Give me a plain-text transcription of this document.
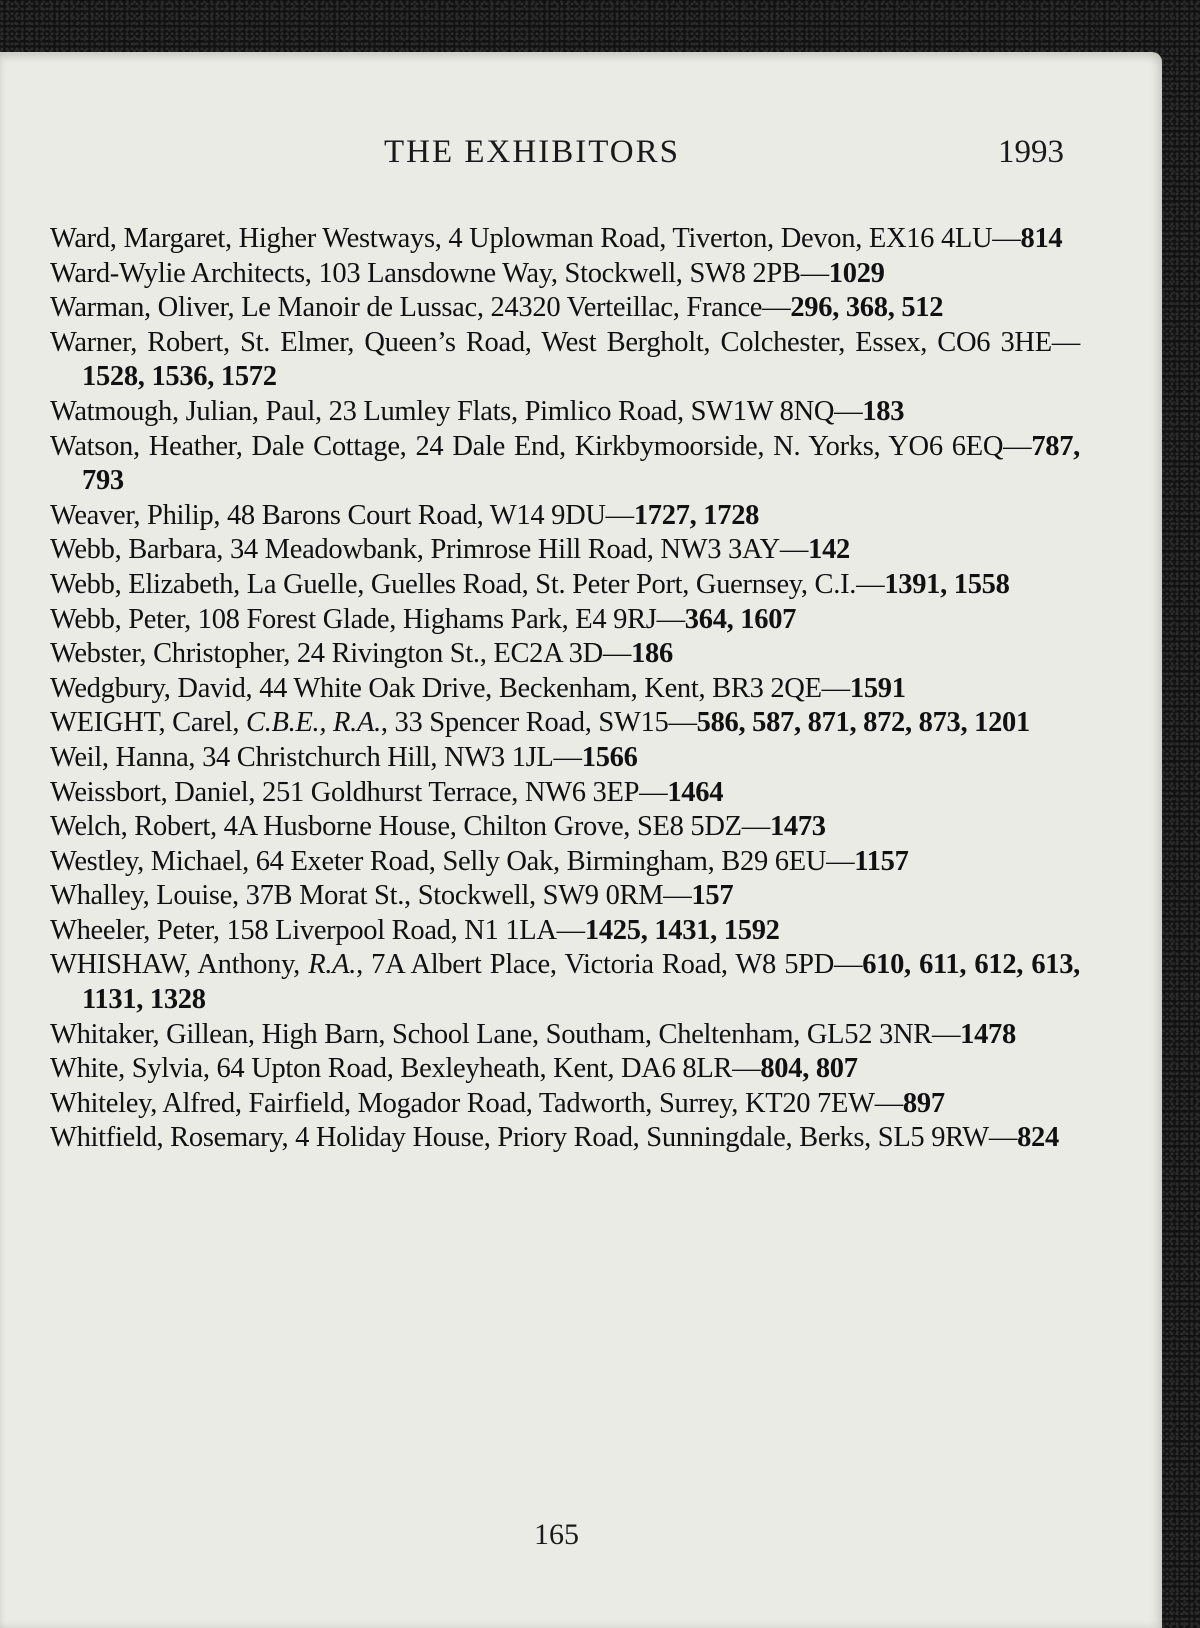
THE EXHIBITORS	1993
Ward, Margaret, Higher Westways, 4 Uplowman Road, Tiverton, Devon, EX16 4LU—814
Ward-Wylie Architects, 103 Lansdowne Way, Stockwell, SW8 2PB—1029
Warman, Oliver, Le Manoir de Lussac, 24320 Verteillac, France—296, 368, 512
Warner, Robert, St. Elmer, Queen’s Road, West Bergholt, Colchester, Essex, CO6 3HE—1528, 1536, 1572
Watmough, Julian, Paul, 23 Lumley Flats, Pimlico Road, SW1W 8NQ—183
Watson, Heather, Dale Cottage, 24 Dale End, Kirkbymoorside, N. Yorks, YO6 6EQ—787, 793
Weaver, Philip, 48 Barons Court Road, W14 9DU—1727, 1728
Webb, Barbara, 34 Meadowbank, Primrose Hill Road, NW3 3AY—142
Webb, Elizabeth, La Guelle, Guelles Road, St. Peter Port, Guernsey, C.I.—1391, 1558
Webb, Peter, 108 Forest Glade, Highams Park, E4 9RJ—364, 1607
Webster, Christopher, 24 Rivington St., EC2A 3D—186
Wedgbury, David, 44 White Oak Drive, Beckenham, Kent, BR3 2QE—1591
WEIGHT, Carel, C.B.E., R.A., 33 Spencer Road, SW15—586, 587, 871, 872, 873, 1201
Weil, Hanna, 34 Christchurch Hill, NW3 1JL—1566
Weissbort, Daniel, 251 Goldhurst Terrace, NW6 3EP—1464
Welch, Robert, 4A Husborne House, Chilton Grove, SE8 5DZ—1473
Westley, Michael, 64 Exeter Road, Selly Oak, Birmingham, B29 6EU—1157
Whalley, Louise, 37B Morat St., Stockwell, SW9 0RM—157
Wheeler, Peter, 158 Liverpool Road, N1 1LA—1425, 1431, 1592
WHISHAW, Anthony, R.A., 7A Albert Place, Victoria Road, W8 5PD—610, 611, 612, 613, 1131, 1328
Whitaker, Gillean, High Barn, School Lane, Southam, Cheltenham, GL52 3NR—1478
White, Sylvia, 64 Upton Road, Bexleyheath, Kent, DA6 8LR—804, 807
Whiteley, Alfred, Fairfield, Mogador Road, Tadworth, Surrey, KT20 7EW—897
Whitfield, Rosemary, 4 Holiday House, Priory Road, Sunningdale, Berks, SL5 9RW—824
165
